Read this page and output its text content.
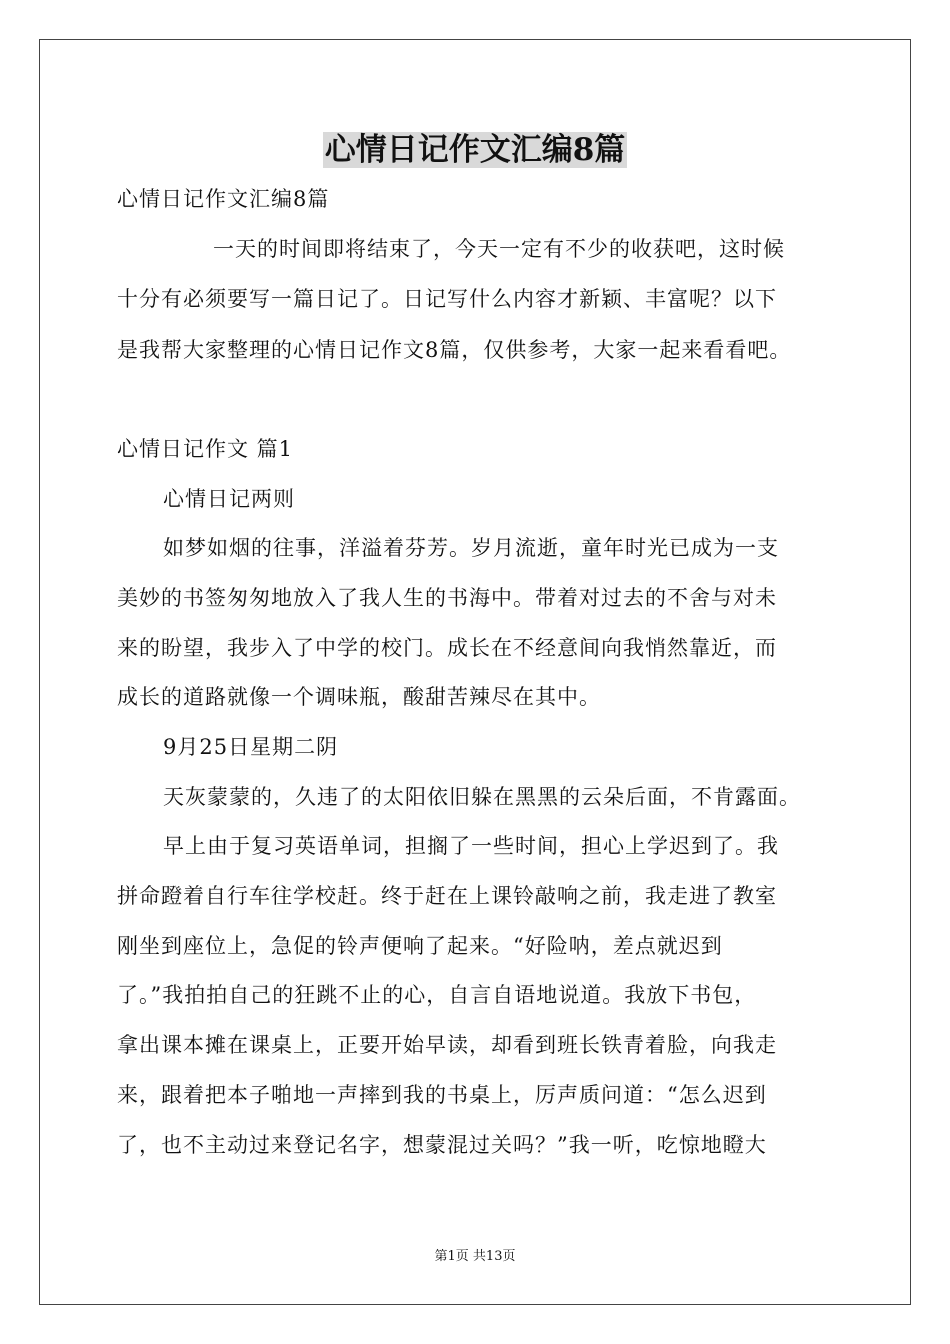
心情日记作文汇编8篇
心情日记作文汇编8篇
一天的时间即将结束了，今天一定有不少的收获吧，这时候
十分有必须要写一篇日记了。日记写什么内容才新颖、丰富呢？以下
是我帮大家整理的心情日记作文8篇，仅供参考，大家一起来看看吧。
心情日记作文 篇1
心情日记两则
如梦如烟的往事，洋溢着芬芳。岁月流逝，童年时光已成为一支
美妙的书签匆匆地放入了我人生的书海中。带着对过去的不舍与对未
来的盼望，我步入了中学的校门。成长在不经意间向我悄然靠近，而
成长的道路就像一个调味瓶，酸甜苦辣尽在其中。
9月25日星期二阴
天灰蒙蒙的，久违了的太阳依旧躲在黑黑的云朵后面，不肯露面。
早上由于复习英语单词，担搁了一些时间，担心上学迟到了。我
拼命蹬着自行车往学校赶。终于赶在上课铃敲响之前，我走进了教室
刚坐到座位上，急促的铃声便响了起来。“好险呐，差点就迟到
了。”我拍拍自己的狂跳不止的心，自言自语地说道。我放下书包，
拿出课本摊在课桌上，正要开始早读，却看到班长铁青着脸，向我走
来，跟着把本子啪地一声摔到我的书桌上，厉声质问道：“怎么迟到
了，也不主动过来登记名字，想蒙混过关吗？”我一听，吃惊地瞪大
第1页 共13页
